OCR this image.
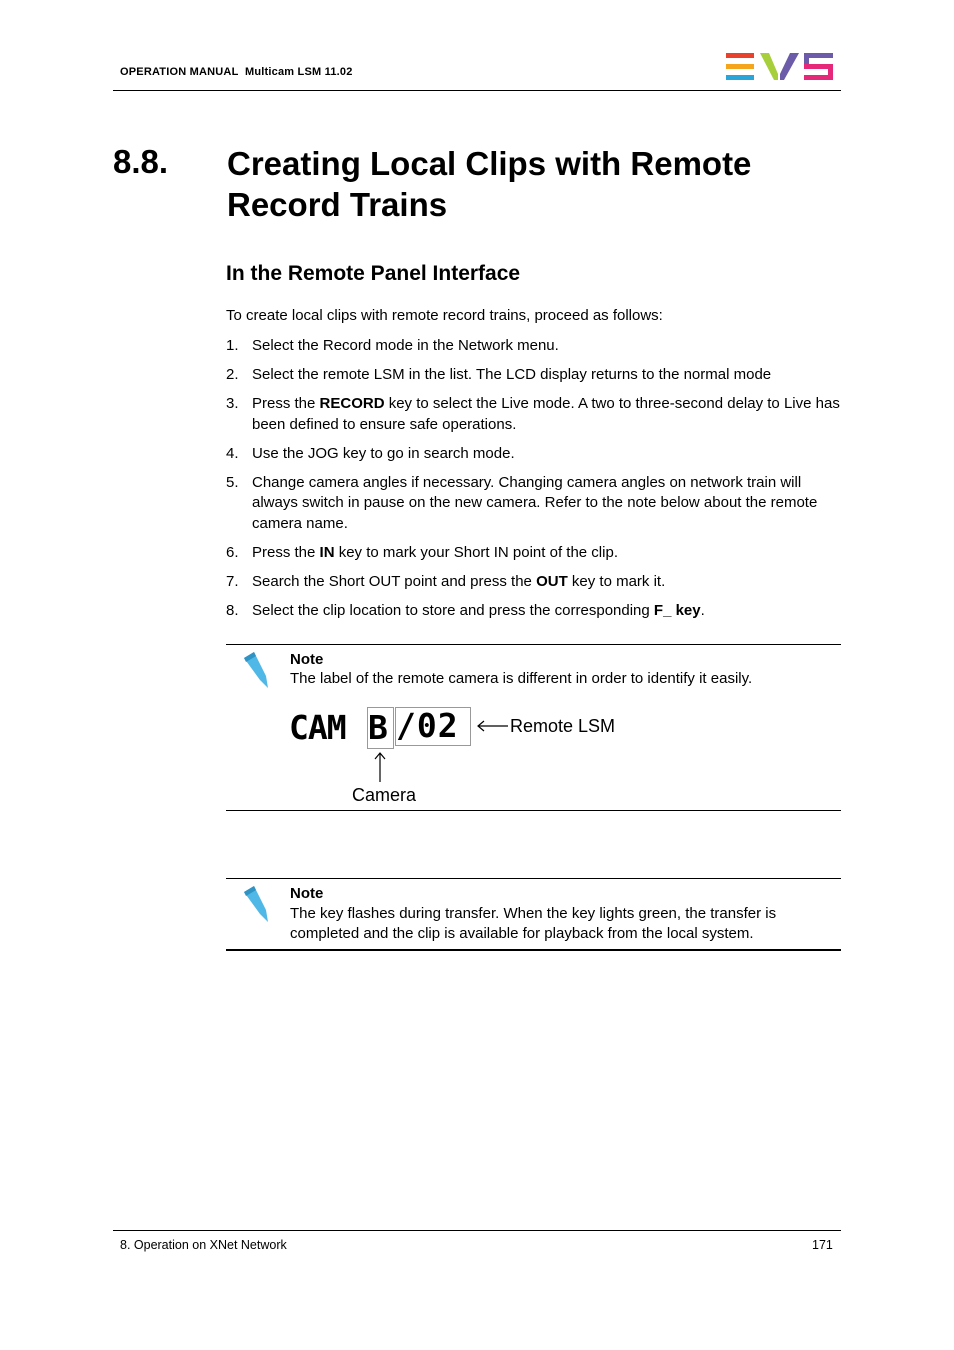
OPERATION MANUAL Multicam LSM 11.02
8.8. Creating Local Clips with Remote
Record Trains
In the Remote Panel Interface
To create local clips with remote record trains, proceed as follows:
1. Select the Record mode in the Network menu.
2. Select the remote LSM in the list. The LCD display returns to the normal mode
3. Press the RECORD key to select the Live mode. A two to three-second delay to Live has been defined to ensure safe operations.
4. Use the JOG key to go in search mode.
5. Change camera angles if necessary. Changing camera angles on network train will always switch in pause on the new camera. Refer to the note below about the remote camera name.
6. Press the IN key to mark your Short IN point of the clip.
7. Search the Short OUT point and press the OUT key to mark it.
8. Select the clip location to store and press the corresponding F_ key.
Note
The label of the remote camera is different in order to identify it easily.
CAM B /02	Remote LSM
Camera
Note
The key flashes during transfer. When the key lights green, the transfer is completed and the clip is available for playback from the local system.
8. Operation on XNet Network	171
